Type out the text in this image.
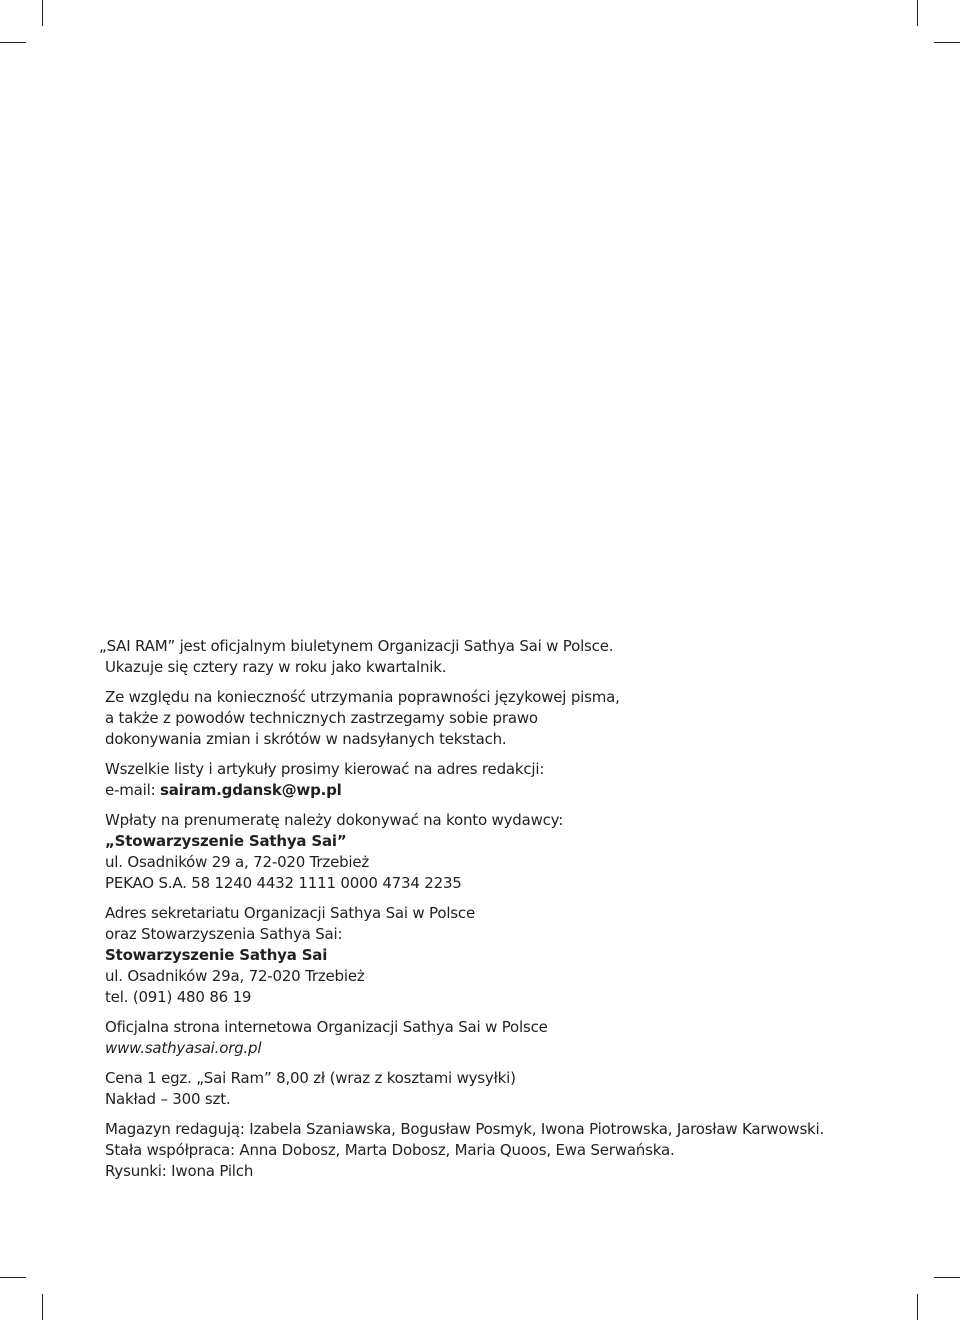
„SAI RAM” jest oficjalnym biuletynem Organizacji Sathya Sai w Polsce.
Ukazuje się cztery razy w roku jako kwartalnik.
Ze względu na konieczność utrzymania poprawności językowej pisma,
a także z powodów technicznych zastrzegamy sobie prawo
dokonywania zmian i skrótów w nadsyłanych tekstach.
Wszelkie listy i artykuły prosimy kierować na adres redakcji:
e-mail: sairam.gdansk@wp.pl
Wpłaty na prenumeratę należy dokonywać na konto wydawcy:
„Stowarzyszenie Sathya Sai”
ul. Osadników 29 a, 72-020 Trzebież
PEKAO S.A. 58 1240 4432 1111 0000 4734 2235
Adres sekretariatu Organizacji Sathya Sai w Polsce
oraz Stowarzyszenia Sathya Sai:
Stowarzyszenie Sathya Sai
ul. Osadników 29a, 72-020 Trzebież
tel. (091) 480 86 19
Oficjalna strona internetowa Organizacji Sathya Sai w Polsce
www.sathyasai.org.pl
Cena 1 egz. „Sai Ram” 8,00 zł (wraz z kosztami wysyłki)
Nakład – 300 szt.
Magazyn redagują: Izabela Szaniawska, Bogusław Posmyk, Iwona Piotrowska, Jarosław Karwowski.
Stała współpraca: Anna Dobosz, Marta Dobosz, Maria Quoos, Ewa Serwańska.
Rysunki: Iwona Pilch
